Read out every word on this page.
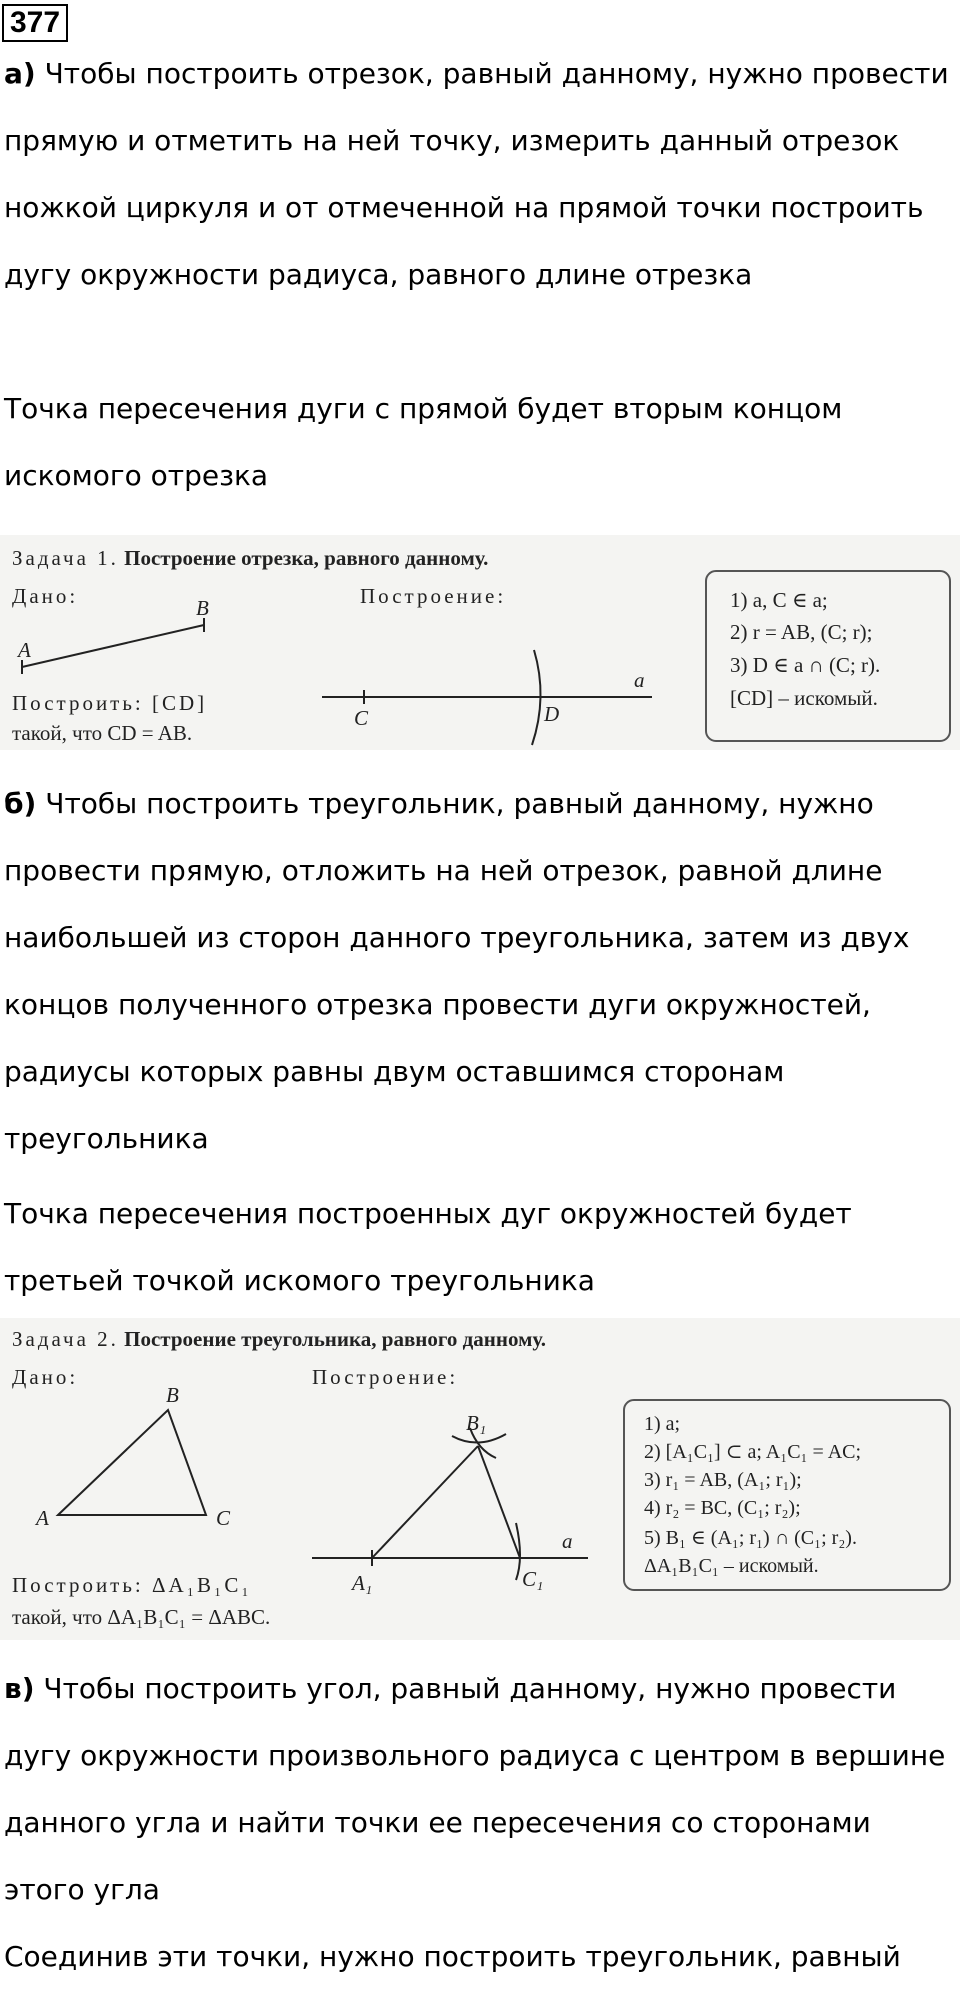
377

а) Чтобы построить отрезок, равный данному, нужно провести прямую и отметить на ней точку, измерить данный отрезок ножкой циркуля и от отмеченной на прямой точки построить дугу окружности радиуса, равного длине отрезка

Точка пересечения дуги с прямой будет вторым концом искомого отрезка

Задача 1. Построение отрезка, равного данному.
Дано:	Построение:
A
B
Построить: [CD]
такой, что CD = AB.
C	D
a
1) a, C ∈ a;
2) r = AB, (C; r);
3) D ∈ a ∩ (C; r).
[CD] – искомый.

б) Чтобы построить треугольник, равный данному, нужно провести прямую, отложить на ней отрезок, равной длине наибольшей из сторон данного треугольника, затем из двух концов полученного отрезка провести дуги окружностей, радиусы которых равны двум оставшимся сторонам треугольника

Точка пересечения построенных дуг окружностей будет третьей точкой искомого треугольника

Задача 2. Построение треугольника, равного данному.
Дано:	Построение:
A
B
C
A₁
B₁
C₁
a
Построить: ΔA₁B₁C₁
такой, что ΔA₁B₁C₁ = ΔABC.
1) a;
2) [A₁C₁] ⊂ a; A₁C₁ = AC;
3) r₁ = AB, (A₁; r₁);
4) r₂ = BC, (C₁; r₂);
5) B₁ ∈ (A₁; r₁) ∩ (C₁; r₂).
ΔA₁B₁C₁ – искомый.

в) Чтобы построить угол, равный данному, нужно провести дугу окружности произвольного радиуса с центром в вершине данного угла и найти точки ее пересечения со сторонами этого угла

Соединив эти точки, нужно построить треугольник, равный
